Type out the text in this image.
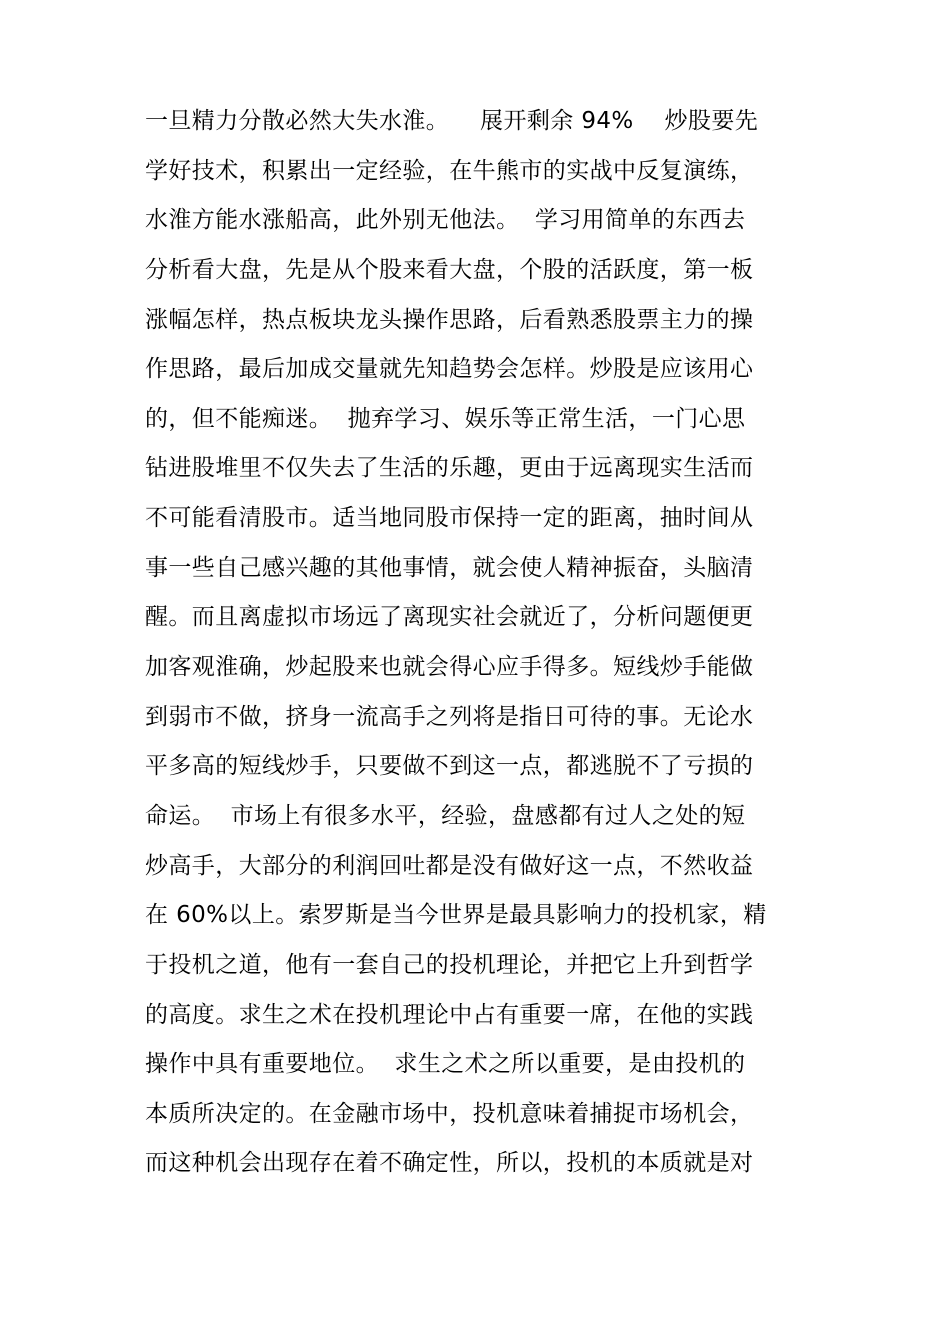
一旦精力分散必然大失水淮。    展开剩余 94%    炒股要先
学好技术，积累出一定经验，在牛熊市的实战中反复演练，
水淮方能水涨船高，此外别无他法。  学习用简单的东西去
分析看大盘，先是从个股来看大盘，个股的活跃度，第一板
涨幅怎样，热点板块龙头操作思路，后看熟悉股票主力的操
作思路，最后加成交量就先知趋势会怎样。炒股是应该用心
的，但不能痴迷。  抛弃学习、娱乐等正常生活，一门心思
钻进股堆里不仅失去了生活的乐趣，更由于远离现实生活而
不可能看清股市。适当地同股市保持一定的距离，抽时间从
事一些自己感兴趣的其他事情，就会使人精神振奋，头脑清
醒。而且离虚拟市场远了离现实社会就近了，分析问题便更
加客观淮确，炒起股来也就会得心应手得多。短线炒手能做
到弱市不做，挤身一流高手之列将是指日可待的事。无论水
平多高的短线炒手，只要做不到这一点，都逃脱不了亏损的
命运。  市场上有很多水平，经验，盘感都有过人之处的短
炒高手，大部分的利润回吐都是没有做好这一点，不然收益
在 60%以上。索罗斯是当今世界是最具影响力的投机家，精
于投机之道，他有一套自己的投机理论，并把它上升到哲学
的高度。求生之术在投机理论中占有重要一席，在他的实践
操作中具有重要地位。  求生之术之所以重要，是由投机的
本质所决定的。在金融市场中，投机意味着捕捉市场机会，
而这种机会出现存在着不确定性，所以，投机的本质就是对
